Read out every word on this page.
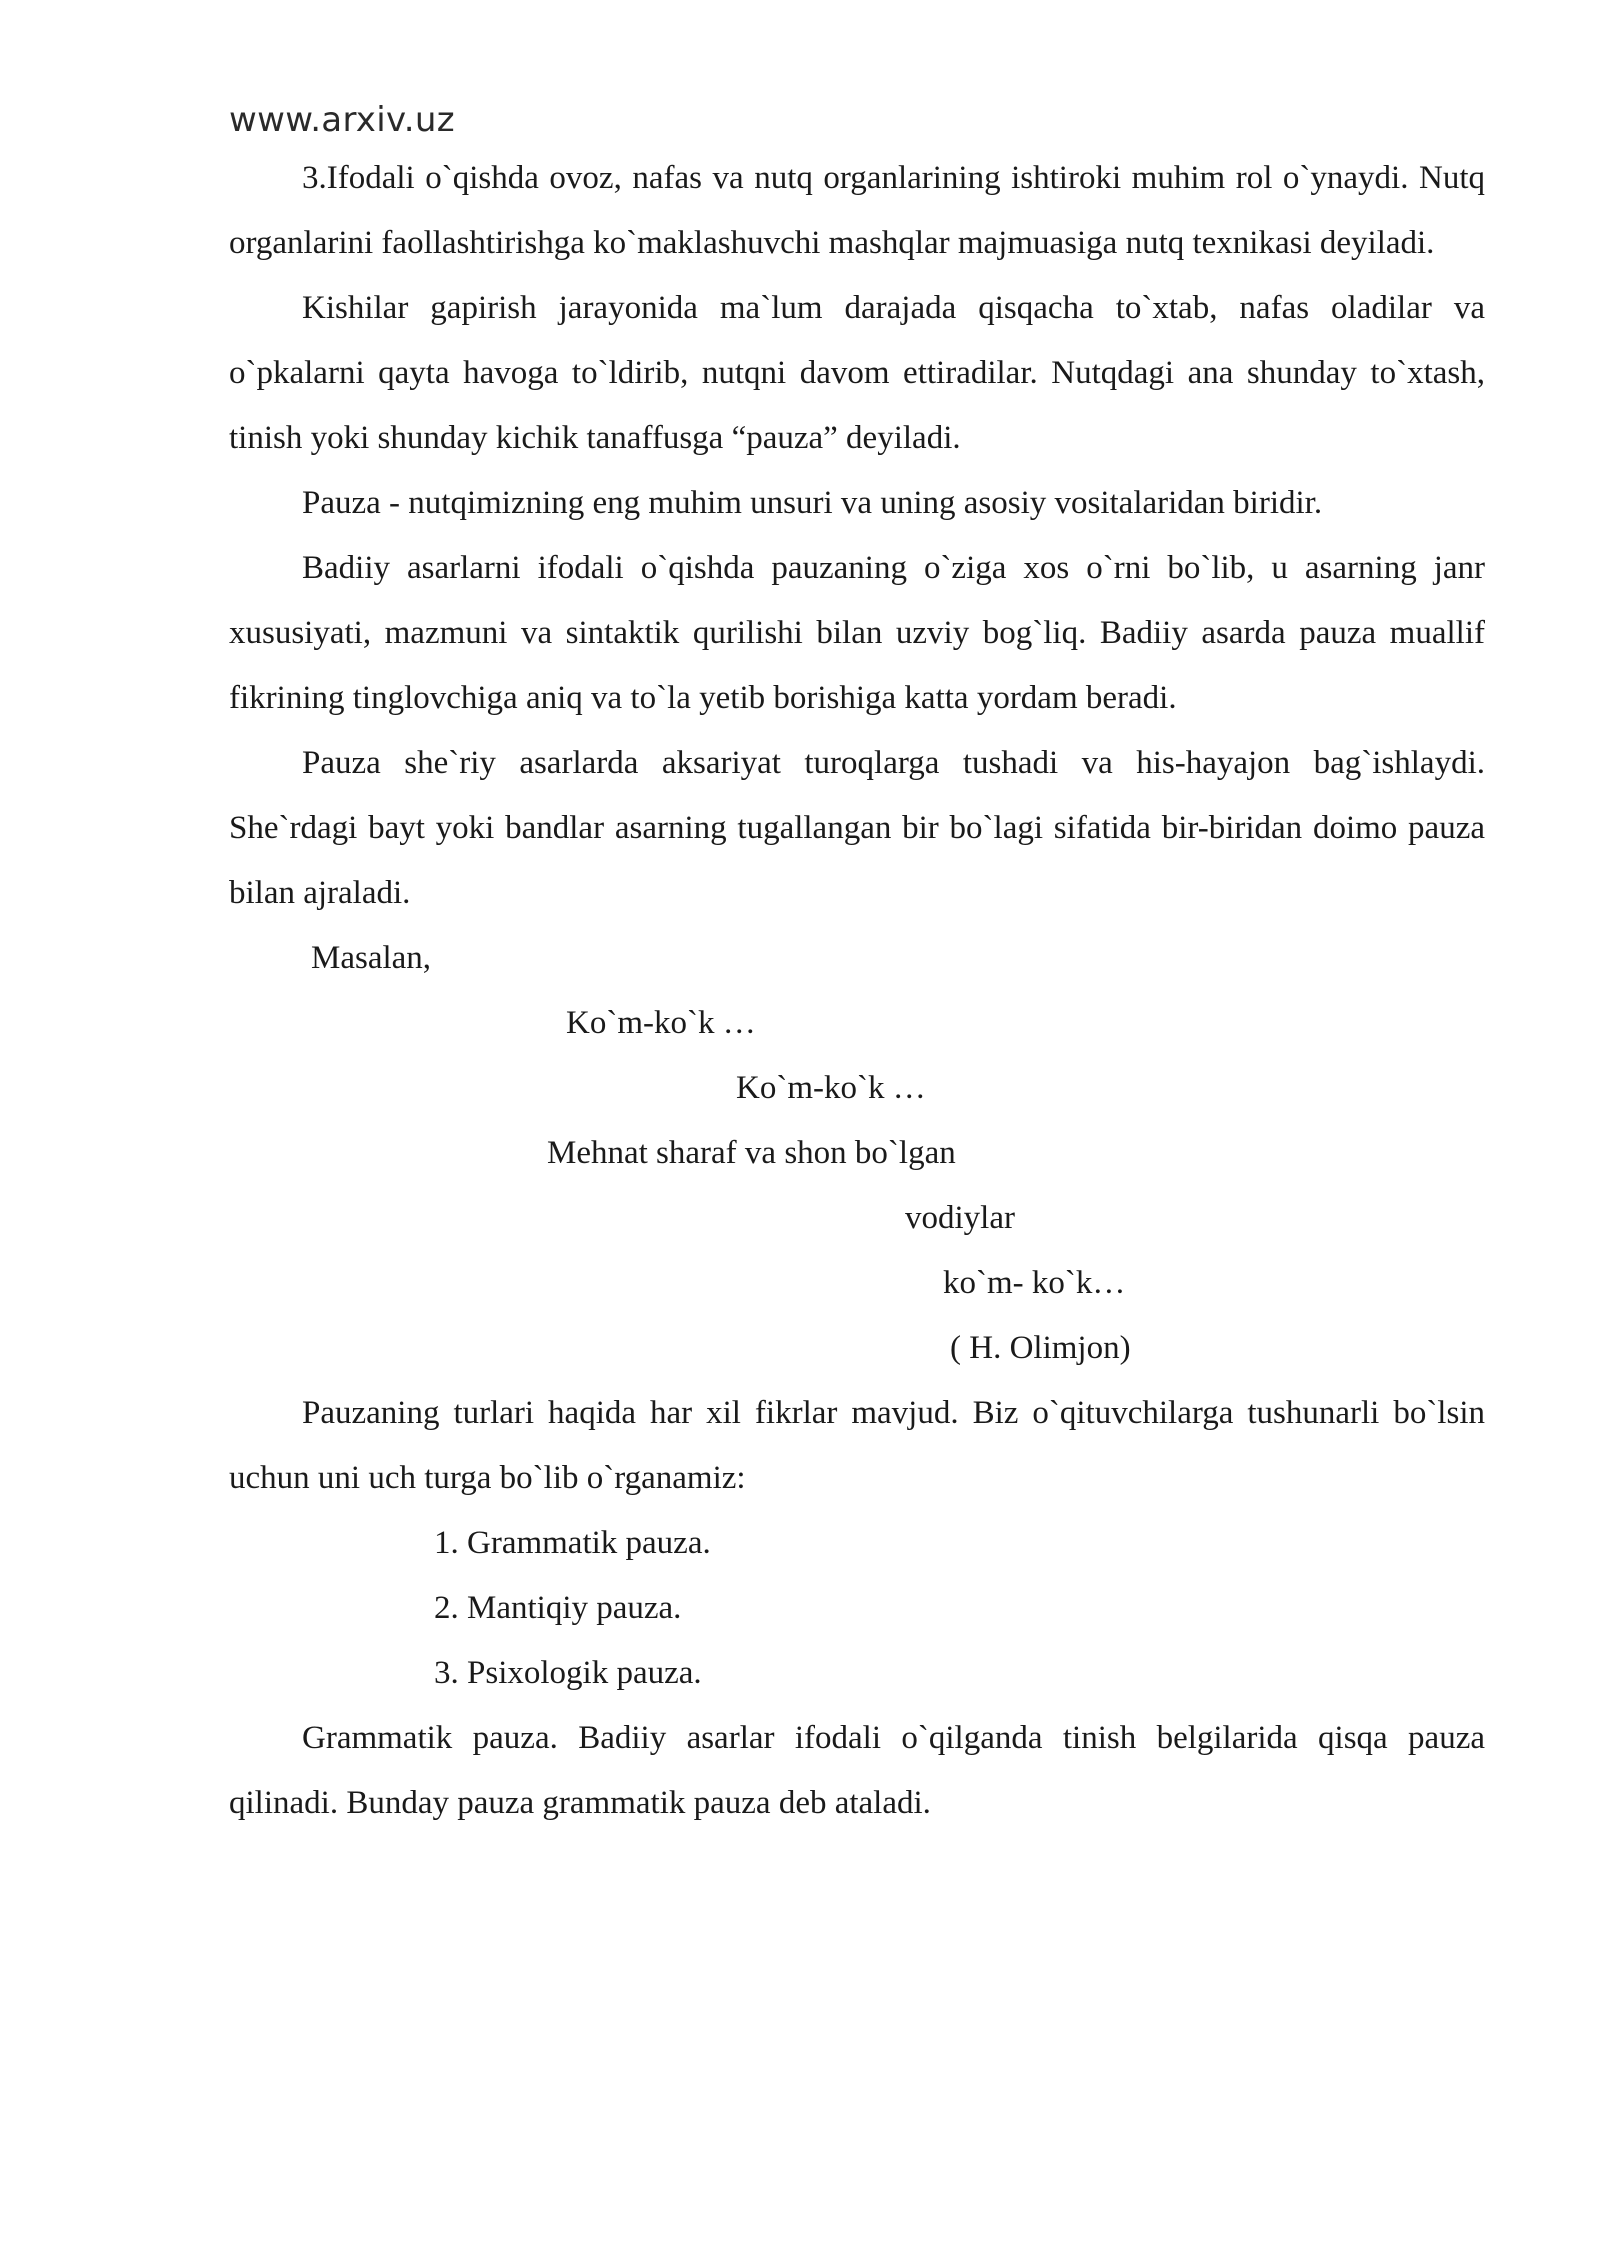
www.arxiv.uz

3.Ifodali o`qishda ovoz, nafas va nutq organlarining ishtiroki muhim rol o`ynaydi. Nutq organlarini faollashtirishga ko`maklashuvchi mashqlar majmuasiga nutq texnikasi deyiladi.

Kishilar gapirish jarayonida ma`lum darajada qisqacha to`xtab, nafas oladilar va o`pkalarni qayta havoga to`ldirib, nutqni davom ettiradilar. Nutqdagi ana shunday to`xtash, tinish yoki shunday kichik tanaffusga “pauza” deyiladi.

Pauza - nutqimizning eng muhim unsuri va uning asosiy vositalaridan biridir.

Badiiy asarlarni ifodali o`qishda pauzaning o`ziga xos o`rni bo`lib, u asarning janr xususiyati, mazmuni va sintaktik qurilishi bilan uzviy bog`liq. Badiiy asarda pauza muallif fikrining tinglovchiga aniq va to`la yetib borishiga katta yordam beradi.

Pauza she`riy asarlarda aksariyat turoqlarga tushadi va his-hayajon bag`ishlaydi. She`rdagi bayt yoki bandlar asarning tugallangan bir bo`lagi sifatida bir-biridan doimo pauza bilan ajraladi.

Masalan,

Ko`m-ko`k …

Ko`m-ko`k …

Mehnat sharaf va shon bo`lgan

vodiylar

ko`m- ko`k…

( H. Olimjon)

Pauzaning turlari haqida har xil fikrlar mavjud. Biz o`qituvchilarga tushunarli bo`lsin uchun uni uch turga bo`lib o`rganamiz:

1. Grammatik pauza.

2. Mantiqiy pauza.

3. Psixologik pauza.

Grammatik pauza. Badiiy asarlar ifodali o`qilganda tinish belgilarida qisqa pauza qilinadi. Bunday pauza grammatik pauza deb ataladi.
